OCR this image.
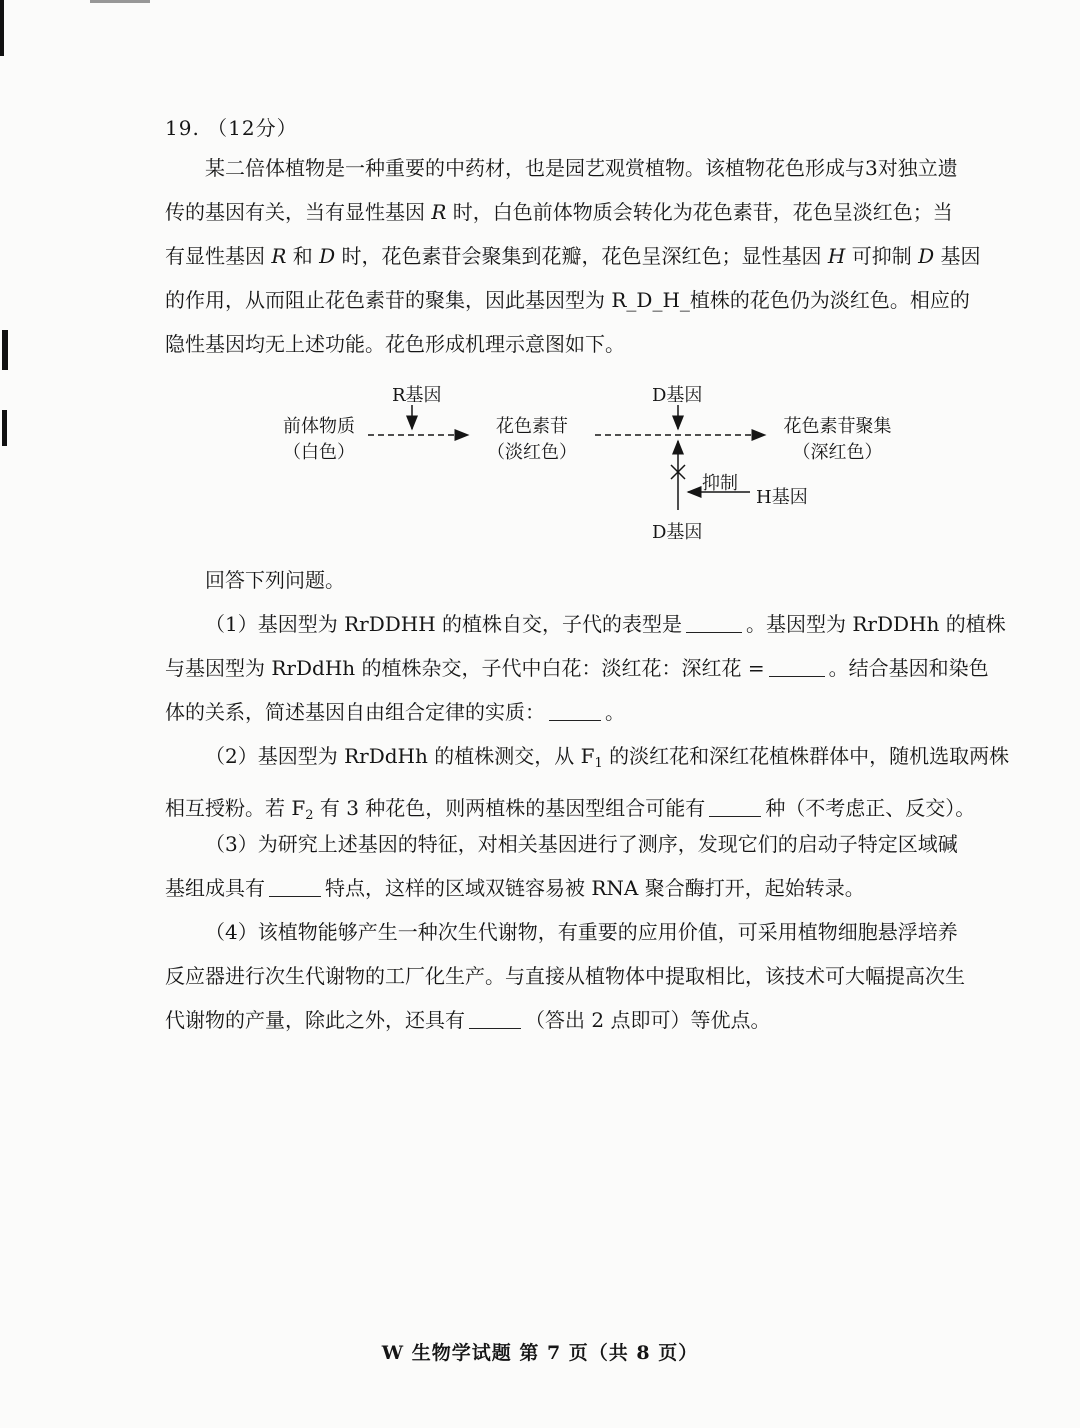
19. （12分）
某二倍体植物是一种重要的中药材，也是园艺观赏植物。该植物花色形成与3对独立遗
传的基因有关，当有显性基因 R 时，白色前体物质会转化为花色素苷，花色呈淡红色；当
有显性基因 R 和 D 时，花色素苷会聚集到花瓣，花色呈深红色；显性基因 H 可抑制 D 基因
的作用，从而阻止花色素苷的聚集，因此基因型为 R_D_H_植株的花色仍为淡红色。相应的
隐性基因均无上述功能。花色形成机理示意图如下。
R基因
前体物质
（白色）
花色素苷
（淡红色）
D基因
花色素苷聚集
（深红色）
抑制
H基因
D基因
回答下列问题。
（1）基因型为 RrDDHH 的植株自交，子代的表型是	。基因型为 RrDDHh 的植株
与基因型为 RrDdHh 的植株杂交，子代中白花：淡红花：深红花 =	。结合基因和染色
体的关系，简述基因自由组合定律的实质：	。
（2）基因型为 RrDdHh 的植株测交，从 $F_1$ 的淡红花和深红花植株群体中，随机选取两株
相互授粉。若 $F_2$ 有 3 种花色，则两植株的基因型组合可能有	种（不考虑正、反交）。
（3）为研究上述基因的特征，对相关基因进行了测序，发现它们的启动子特定区域碱
基组成具有	特点，这样的区域双链容易被 RNA 聚合酶打开，起始转录。
（4）该植物能够产生一种次生代谢物，有重要的应用价值，可采用植物细胞悬浮培养
反应器进行次生代谢物的工厂化生产。与直接从植物体中提取相比，该技术可大幅提高次生
代谢物的产量，除此之外，还具有	（答出 2 点即可）等优点。
W 生物学试题 第 7 页（共 8 页）
